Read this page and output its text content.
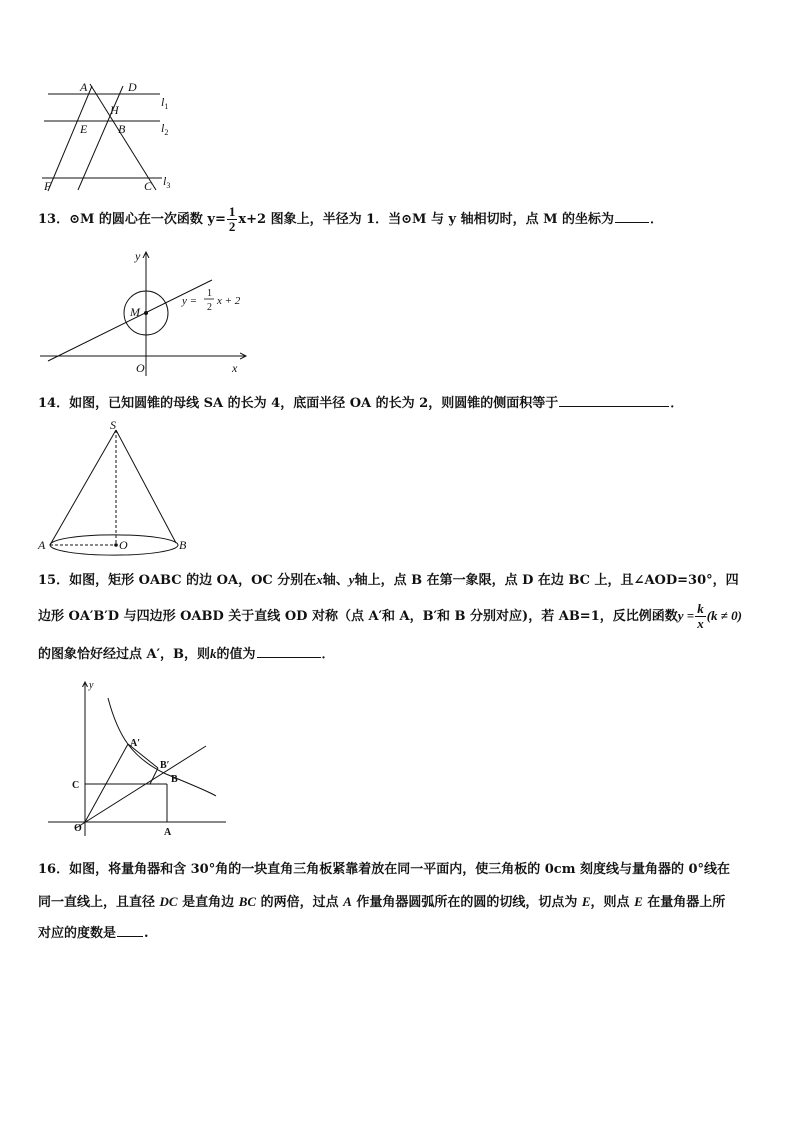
A	D
H
E	B
F	C
$l_1$
$l_2$
$l_3$
13．⊙M 的圆心在一次函数 $y= \frac{1}{2} x+2$ 图象上，半径为 1．当⊙M 与 y 轴相切时，点 M 的坐标为	．
y
x
O
M
y =
1
2
x + 2
14．如图，已知圆锥的母线 SA 的长为 4，底面半径 OA 的长为 2，则圆锥的侧面积等于	．
S
A	O	B
15．如图，矩形 OABC 的边 OA，OC 分别在x轴、y轴上，点 B 在第一象限，点 D 在边 BC 上，且∠AOD=30°，四
边形 OA′B′D 与四边形 OABD 关于直线 OD 对称（点 A′和 A，B′和 B 分别对应)，若 AB=1，反比例函数$y = \frac{k}{x} (k \ne 0)$
的图象恰好经过点 A′，B，则k的值为	．
y
C
O	A
A′
B′
B
16．如图，将量角器和含 30°角的一块直角三角板紧靠着放在同一平面内，使三角板的 0cm 刻度线与量角器的 0°线在
同一直线上，且直径 DC 是直角边 BC 的两倍，过点 A 作量角器圆弧所在的圆的切线，切点为 E，则点 E 在量角器上所
对应的度数是 .
